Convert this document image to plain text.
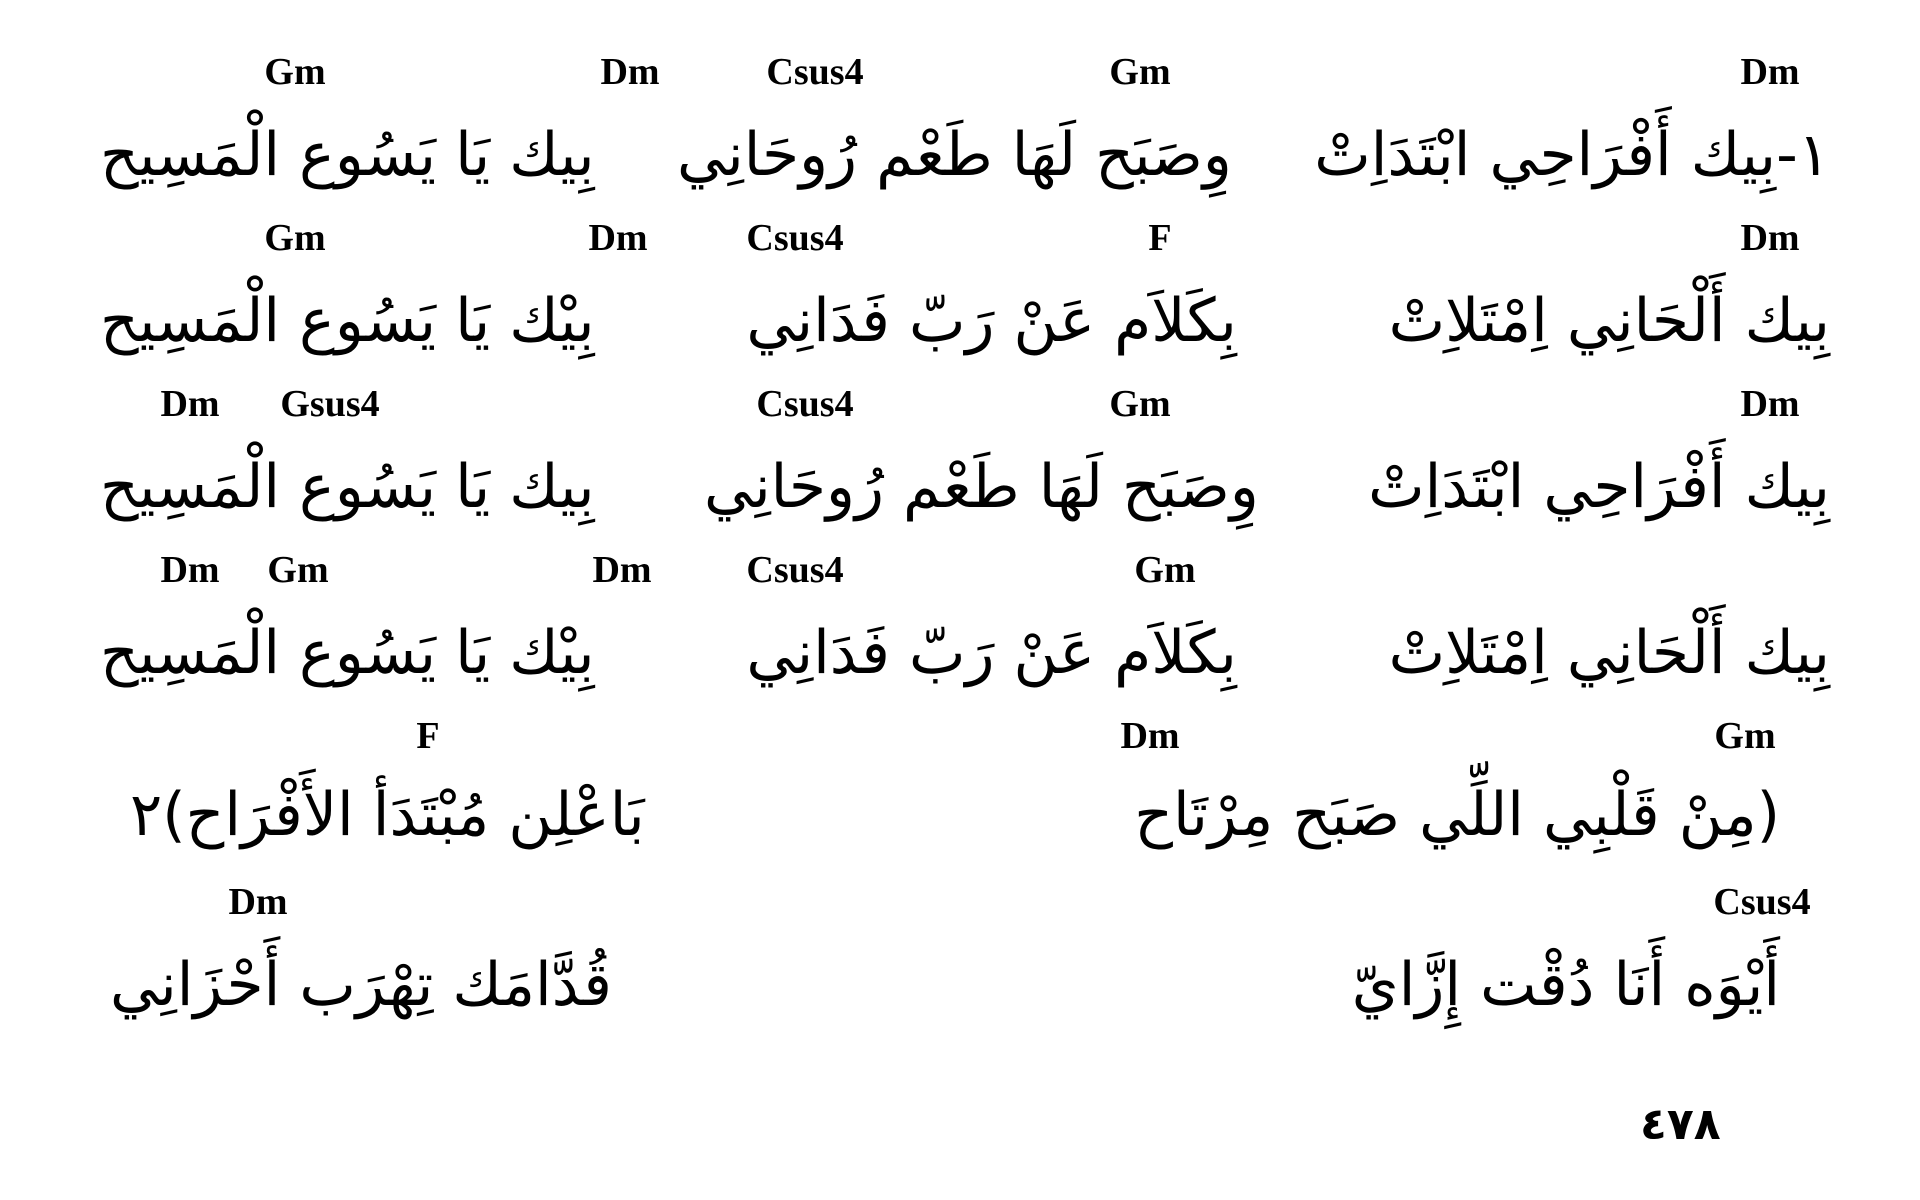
Gm	Dm	Csus4	Gm	Dm
١-بِيك أَفْرَاحِي ابْتَدَاِتْ
وِصَبَح لَهَا طَعْم رُوحَانِي
بِيك يَا يَسُوع الْمَسِيح
Gm	Dm	Csus4	F	Dm
بِيك أَلْحَانِي اِمْتَلاِتْ
بِكَلاَم عَنْ رَبّ فَدَانِي
بِيْك يَا يَسُوع الْمَسِيح
Dm Gsus4	Csus4	Gm	Dm
بِيك أَفْرَاحِي ابْتَدَاِتْ
وِصَبَح لَهَا طَعْم رُوحَانِي
بِيك يَا يَسُوع الْمَسِيح
Dm Gm	Dm Csus4	Gm
بِيك أَلْحَانِي اِمْتَلاِتْ
بِكَلاَم عَنْ رَبّ فَدَانِي
بِيْك يَا يَسُوع الْمَسِيح
F	Dm	Gm
(مِنْ قَلْبِي اللِّي صَبَح مِرْتَاح
بَاعْلِن مُبْتَدَأ الأَفْرَاح)٢
Dm	Csus4
أَيْوَه أَنَا دُقْت إِزَّايّ
قُدَّامَك تِهْرَب أَحْزَانِي
٤٧٨
